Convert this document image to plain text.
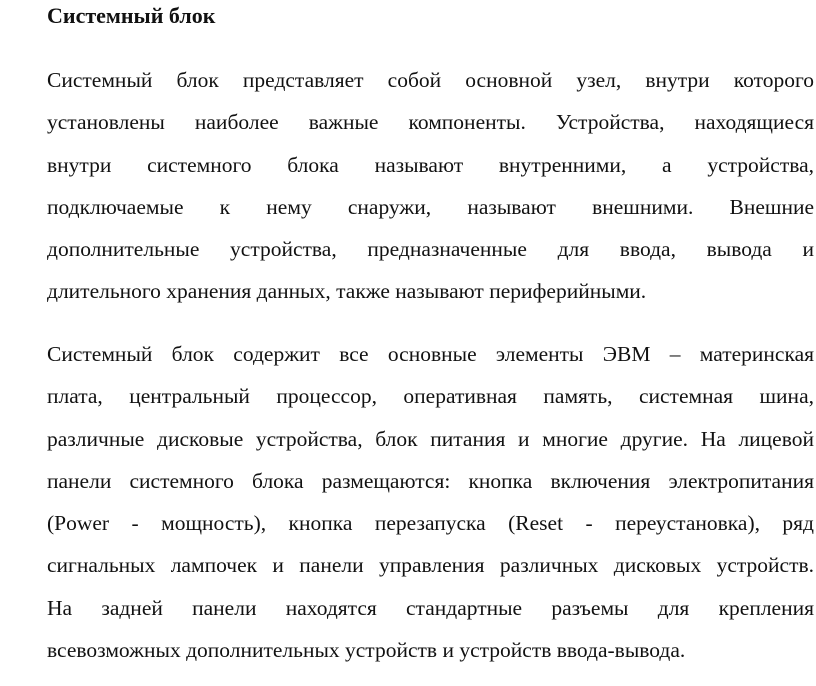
Системный блок

Системный блок представляет собой основной узел, внутри которого
установлены наиболее важные компоненты. Устройства, находящиеся
внутри системного блока называют внутренними, а устройства,
подключаемые к нему снаружи, называют внешними. Внешние
дополнительные устройства, предназначенные для ввода, вывода и
длительного хранения данных, также называют периферийными.

Системный блок содержит все основные элементы ЭВМ – материнская
плата, центральный процессор, оперативная память, системная шина,
различные дисковые устройства, блок питания и многие другие. На лицевой
панели системного блока размещаются: кнопка включения электропитания
(Power - мощность), кнопка перезапуска (Reset - переустановка), ряд
сигнальных лампочек и панели управления различных дисковых устройств.
На задней панели находятся стандартные разъемы для крепления
всевозможных дополнительных устройств и устройств ввода-вывода.
